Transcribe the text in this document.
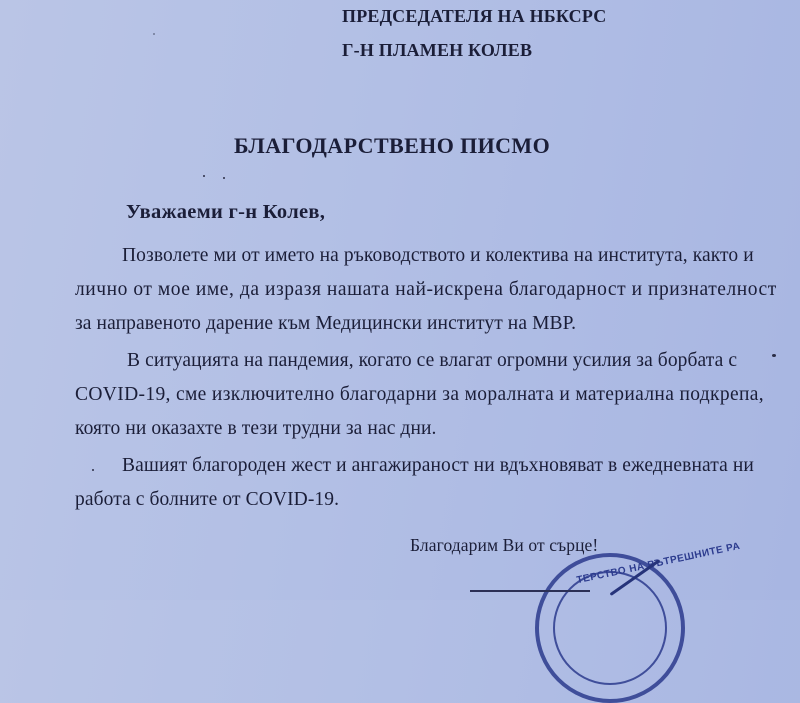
ПРЕДСЕДАТЕЛЯ НА НБКСРС
Г-Н ПЛАМЕН КОЛЕВ
БЛАГОДАРСТВЕНО ПИСМО
Уважаеми г-н Колев,
Позволете ми от името на ръководството и колектива на института, както и
лично от мое име, да изразя нашата най-искрена благодарност и признателност
за направеното дарение към Медицински институт на МВР.
В ситуацията на пандемия, когато се влагат огромни усилия за борбата с
COVID-19, сме изключително благодарни за моралната и материална подкрепа,
която ни оказахте в тези трудни за нас дни.
Вашият благороден жест и ангажираност ни вдъхновяват в ежедневната ни
работа с болните от COVID-19.
Благодарим Ви от сърце!
ТЕРСТВО НА ВЪТРЕШНИТЕ РА
